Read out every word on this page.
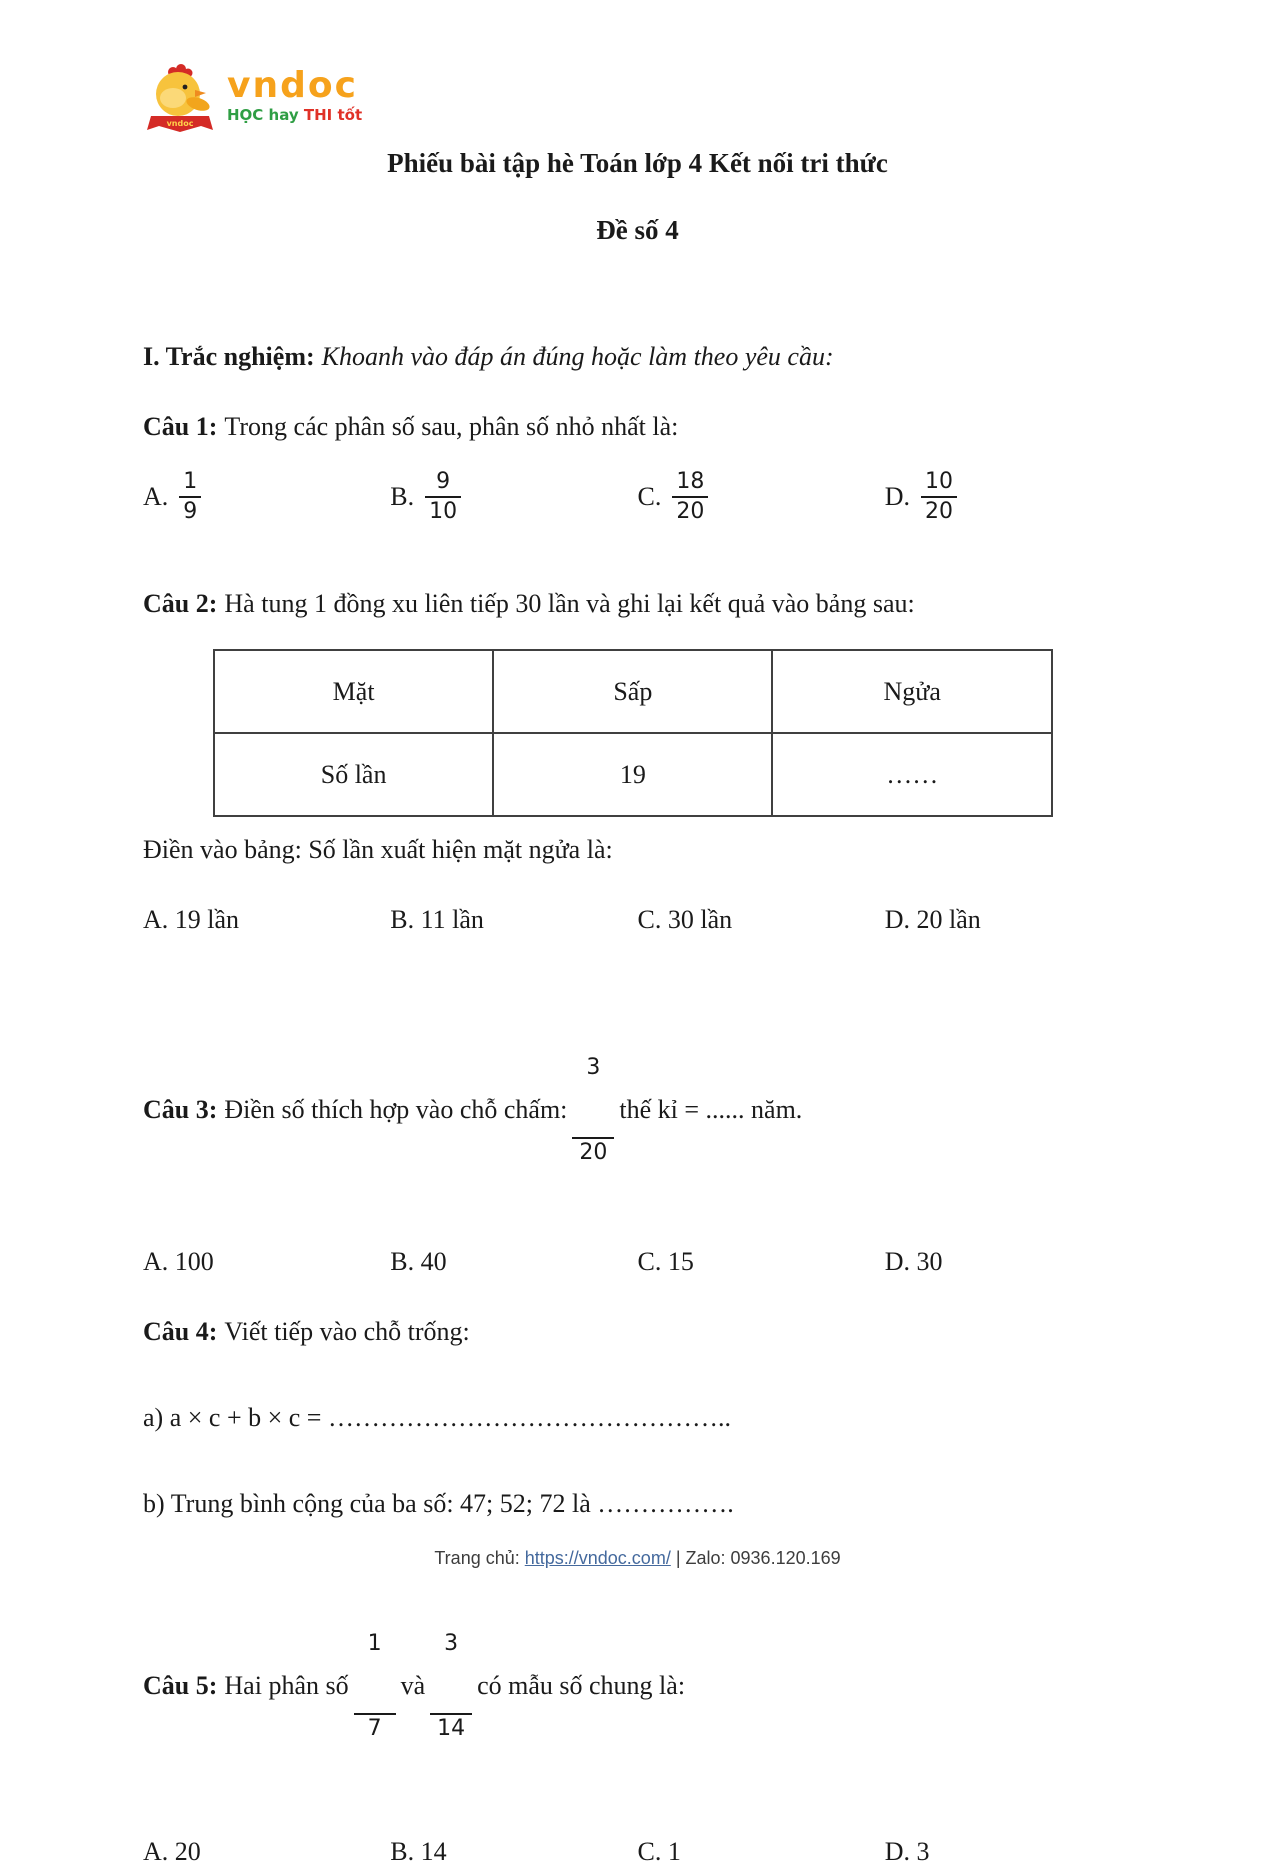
vndoc
vndoc
HỌC hay THI tốt
Phiếu bài tập hè Toán lớp 4 Kết nối tri thức
Đề số 4
I. Trắc nghiệm: Khoanh vào đáp án đúng hoặc làm theo yêu cầu:
Câu 1: Trong các phân số sau, phân số nhỏ nhất là:
A. $\frac{1}{9}$	B. $\frac{9}{10}$	C. $\frac{18}{20}$	D. $\frac{10}{20}$
Câu 2: Hà tung 1 đồng xu liên tiếp 30 lần và ghi lại kết quả vào bảng sau:
Mặt	Sấp	Ngửa
Số lần	19	……
Điền vào bảng: Số lần xuất hiện mặt ngửa là:
A. 19 lần	B. 11 lần	C. 30 lần	D. 20 lần
Câu 3: Điền số thích hợp vào chỗ chấm:

$\frac{3}{20}$

thế kỉ = ...... năm.
A. 100	B. 40	C. 15	D. 30
Câu 4: Viết tiếp vào chỗ trống:
a) a × c + b × c = ………………………………………..
b) Trung bình cộng của ba số: 47; 52; 72 là …………….
Câu 5: Hai phân số

$\frac{1}{7}$

và

$\frac{3}{14}$

có mẫu số chung là:
A. 20	B. 14	C. 1	D. 3
Trang chủ: https://vndoc.com/ | Zalo: 0936.120.169
